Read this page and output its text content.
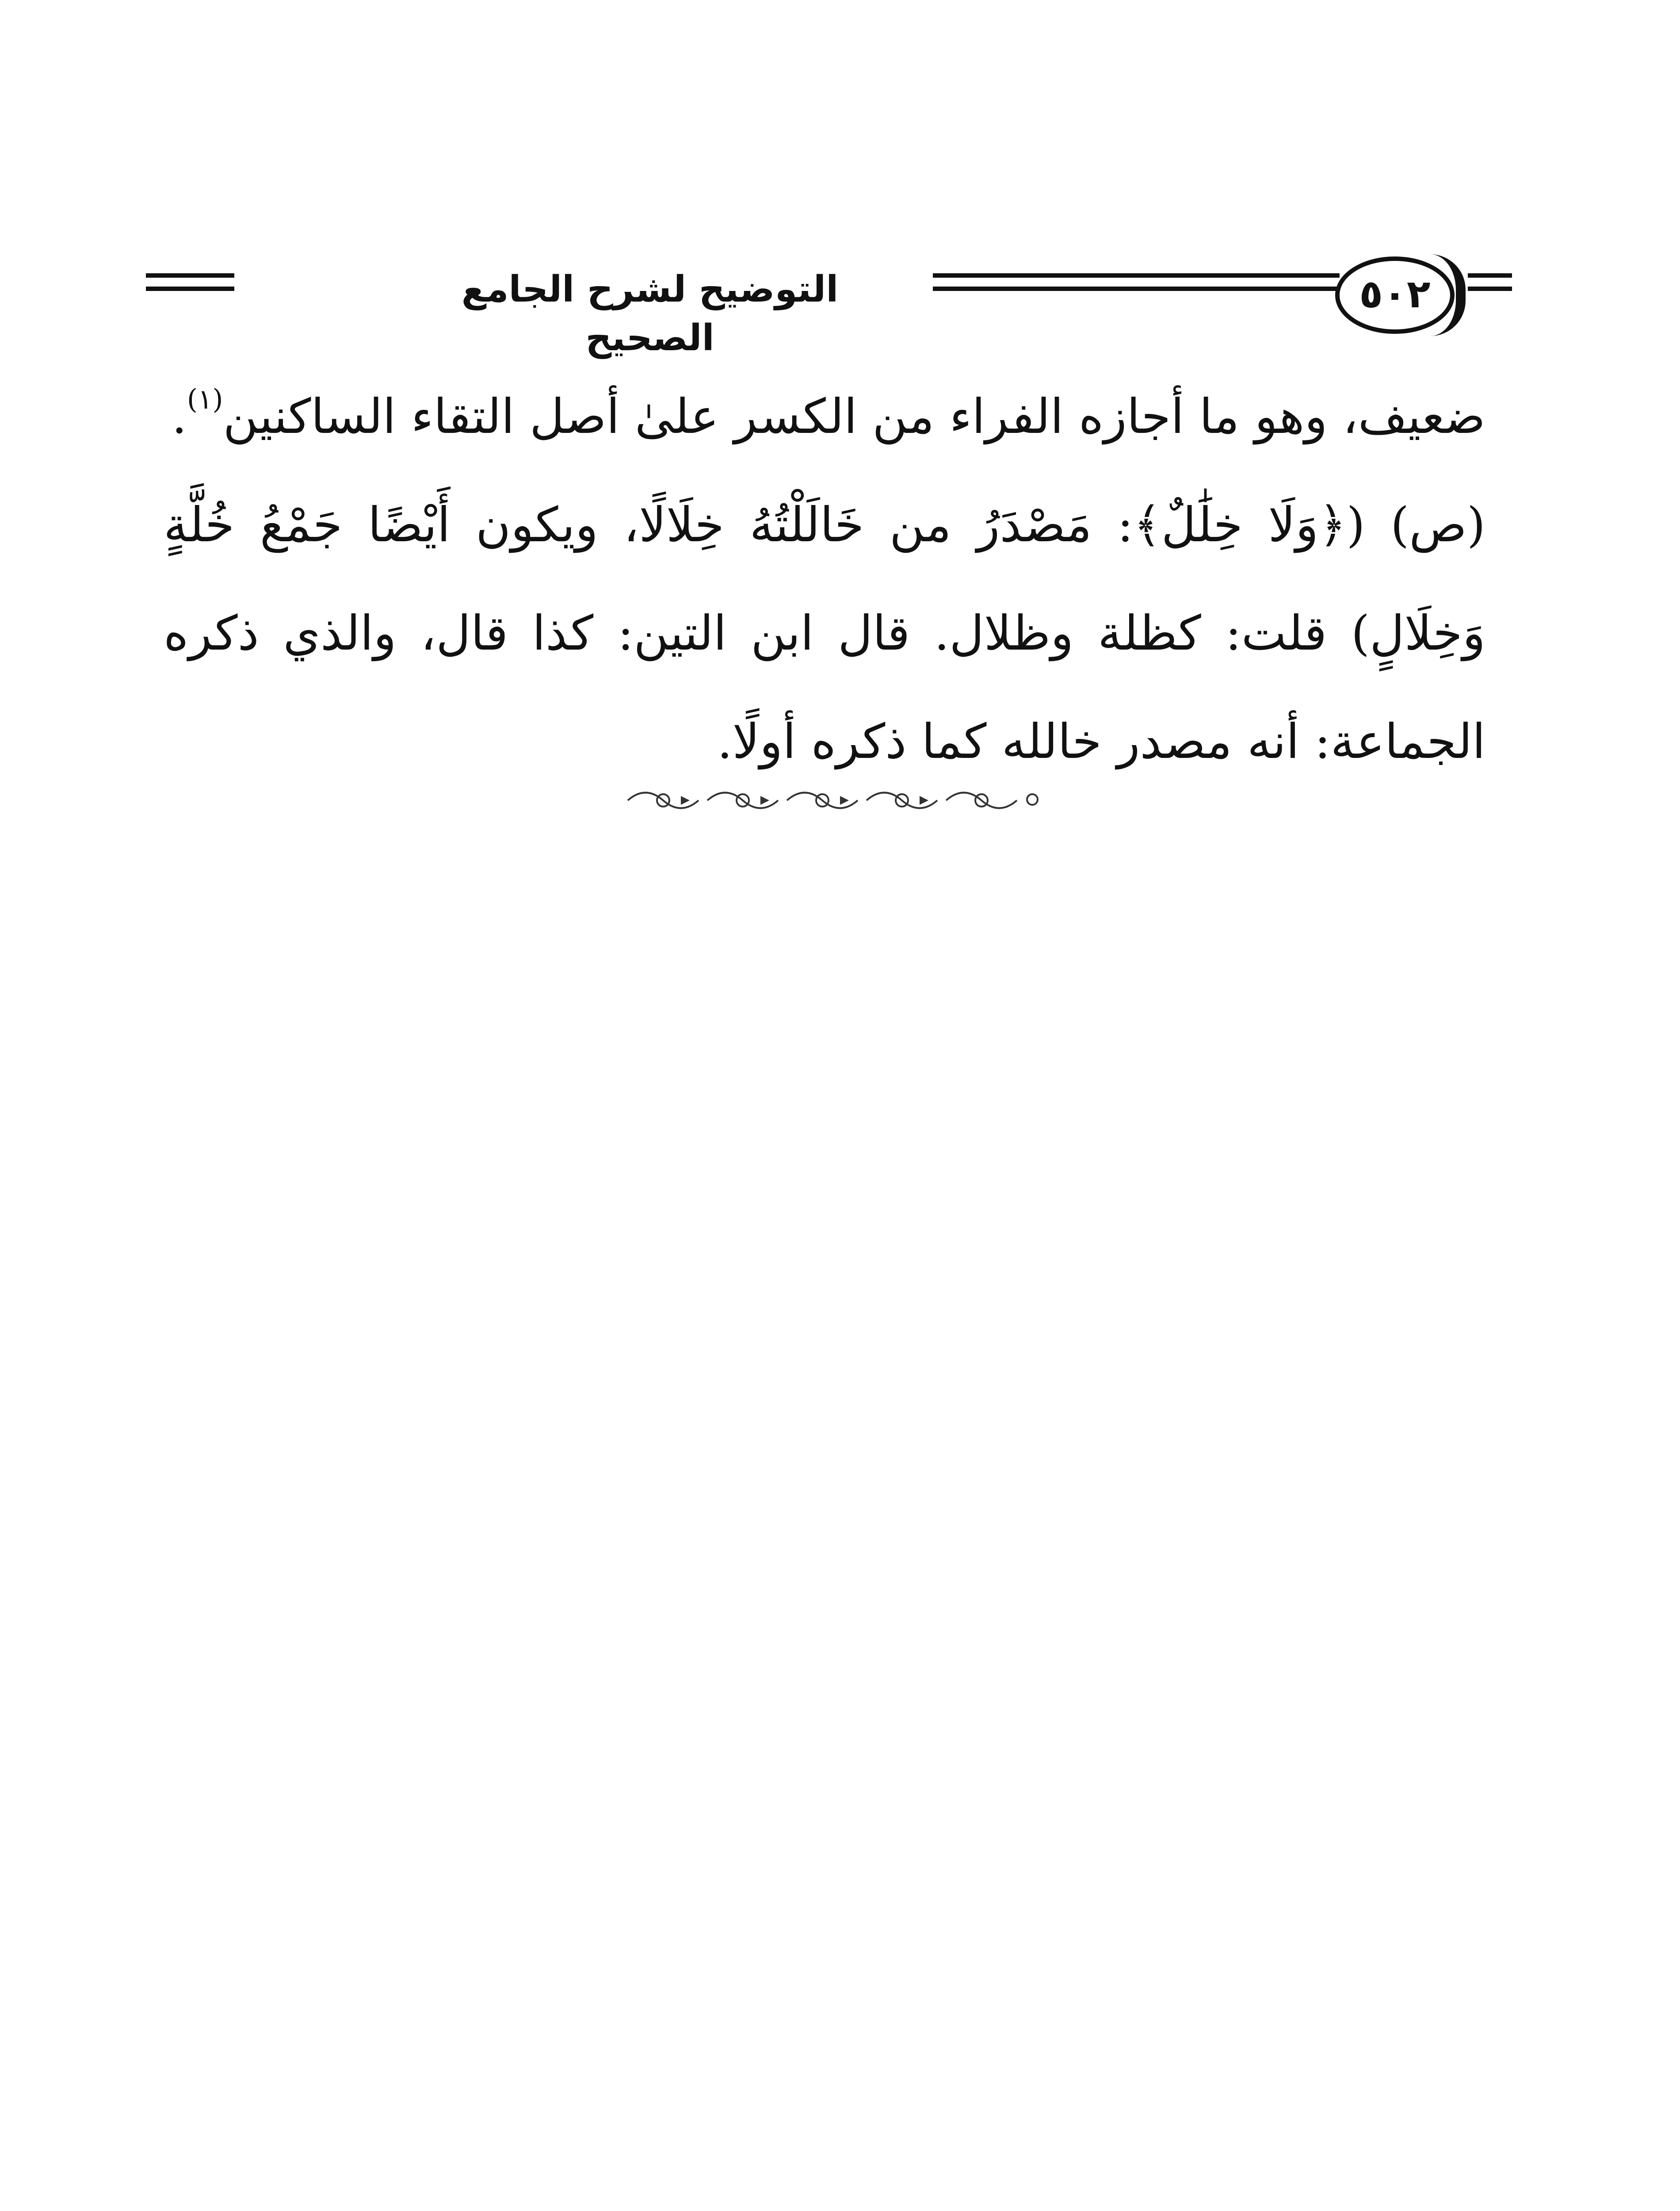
التوضيح لشرح الجامع الصحيح
٥٠٢

ضعيف، وهو ما أجازه الفراء من الكسر علىٰ أصل التقاء الساكنين$^{(١)}$.

(ص) (﴿وَلَا خِلَٰلٌ﴾: مَصْدَرُ من خَالَلْتُهُ خِلَالًا، ويكون أَيْضًا جَمْعُ خُلَّةٍ وَخِلَالٍ) قلت: كظلة وظلال. قال ابن التين: كذا قال، والذي ذكره الجماعة: أنه مصدر خالله كما ذكره أولًا.
